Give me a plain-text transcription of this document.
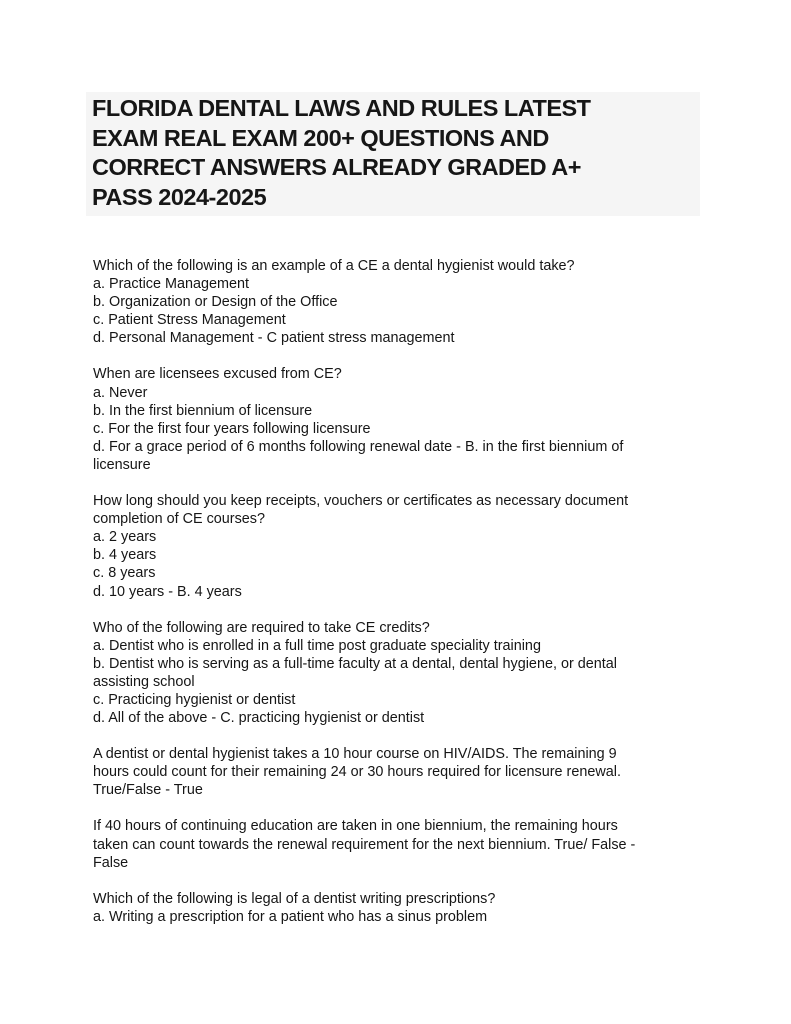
FLORIDA DENTAL LAWS AND RULES LATEST
EXAM REAL EXAM 200+ QUESTIONS AND
CORRECT ANSWERS ALREADY GRADED A+
PASS 2024-2025
Which of the following is an example of a CE a dental hygienist would take?
a. Practice Management
b. Organization or Design of the Office
c. Patient Stress Management
d. Personal Management - C patient stress management
When are licensees excused from CE?
a. Never
b. In the first biennium of licensure
c. For the first four years following licensure
d. For a grace period of 6 months following renewal date - B. in the first biennium of
licensure
How long should you keep receipts, vouchers or certificates as necessary document
completion of CE courses?
a. 2 years
b. 4 years
c. 8 years
d. 10 years - B. 4 years
Who of the following are required to take CE credits?
a. Dentist who is enrolled in a full time post graduate speciality training
b. Dentist who is serving as a full-time faculty at a dental, dental hygiene, or dental
assisting school
c. Practicing hygienist or dentist
d. All of the above - C. practicing hygienist or dentist
A dentist or dental hygienist takes a 10 hour course on HIV/AIDS. The remaining 9
hours could count for their remaining 24 or 30 hours required for licensure renewal.
True/False - True
If 40 hours of continuing education are taken in one biennium, the remaining hours
taken can count towards the renewal requirement for the next biennium. True/ False -
False
Which of the following is legal of a dentist writing prescriptions?
a. Writing a prescription for a patient who has a sinus problem
